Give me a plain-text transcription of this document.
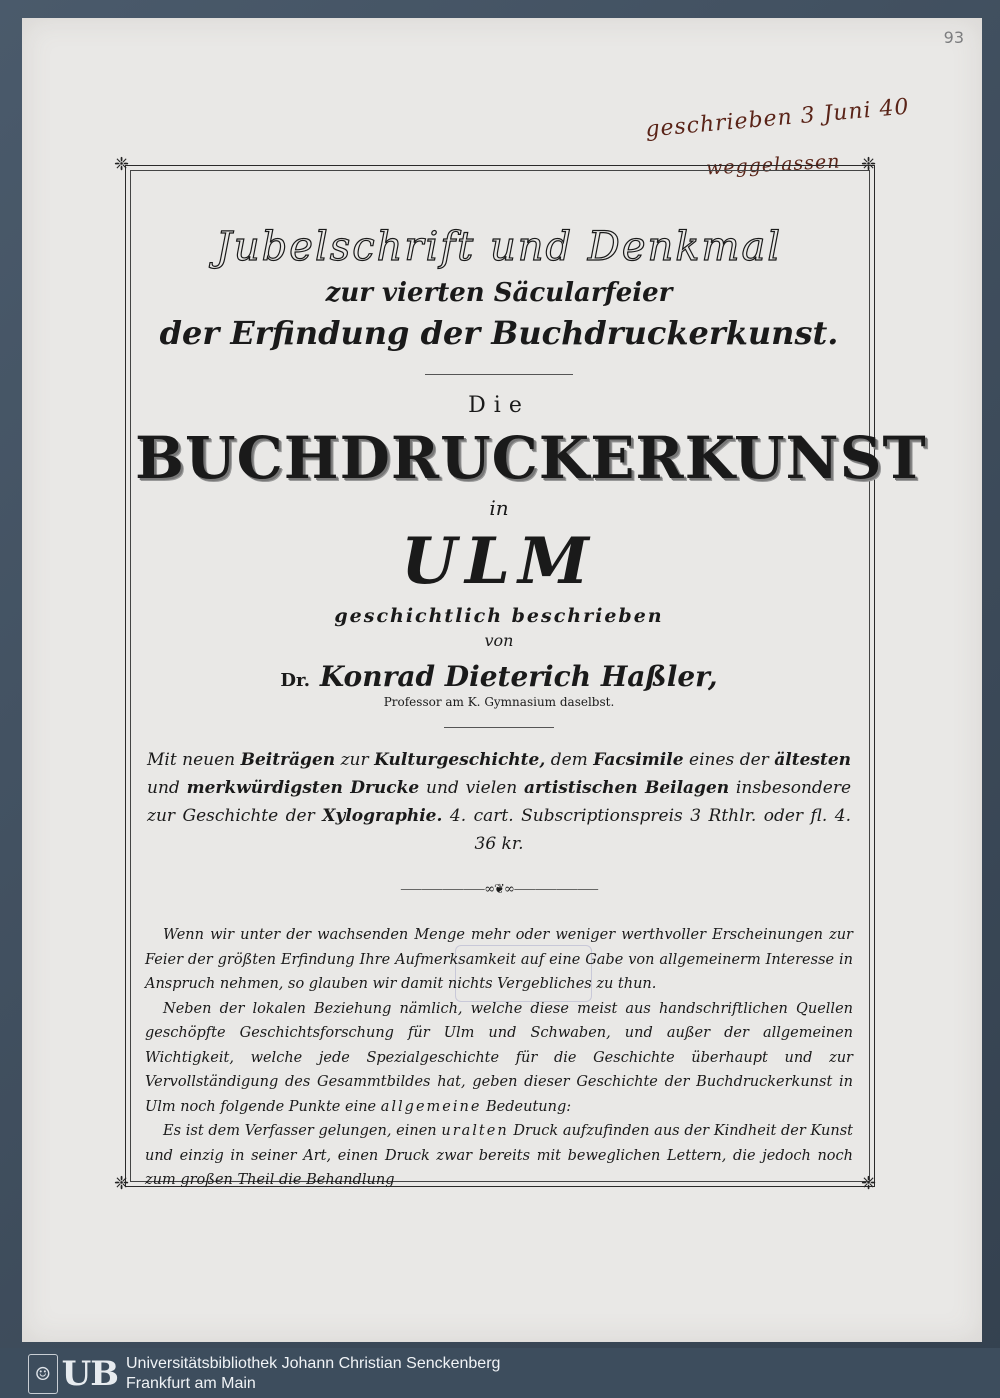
93
geschrieben 3 Juni 40
weggelassen
❈	❈
❈	❈
Jubelschrift und Denkmal
zur vierten Säcularfeier
der Erfindung der Buchdruckerkunst.
Die
BUCHDRUCKERKUNST
in
ULM
geschichtlich beschrieben
von
Dr. Konrad Dieterich Haßler,
Professor am K. Gymnasium daselbst.
Mit neuen Beiträgen zur Kulturgeschichte, dem Facsimile eines der ältesten und merkwürdigsten Drucke und vielen artistischen Beilagen insbesondere zur Geschichte der Xylographie. 4. cart. Subscriptionspreis 3 Rthlr. oder fl. 4. 36 kr.
⸺⸺⸺⸺∞❦∞⸺⸺⸺⸺

Wenn wir unter der wachsenden Menge mehr oder weniger werthvoller Erscheinungen zur Feier der größten Erfindung Ihre Aufmerksamkeit auf eine Gabe von allgemeinerm Interesse in Anspruch nehmen, so glauben wir damit nichts Vergebliches zu thun.

Neben der lokalen Beziehung nämlich, welche diese meist aus handschriftlichen Quellen geschöpfte Geschichtsforschung für Ulm und Schwaben, und außer der allgemeinen Wichtigkeit, welche jede Spezialgeschichte für die Geschichte überhaupt und zur Vervollständigung des Gesammtbildes hat, geben dieser Geschichte der Buchdruckerkunst in Ulm noch folgende Punkte eine allgemeine Bedeutung:

Es ist dem Verfasser gelungen, einen uralten Druck aufzufinden aus der Kindheit der Kunst und einzig in seiner Art, einen Druck zwar bereits mit beweglichen Lettern, die jedoch noch zum großen Theil die Behandlung

☺ UB Universitätsbibliothek Johann Christian Senckenberg
Frankfurt am Main
